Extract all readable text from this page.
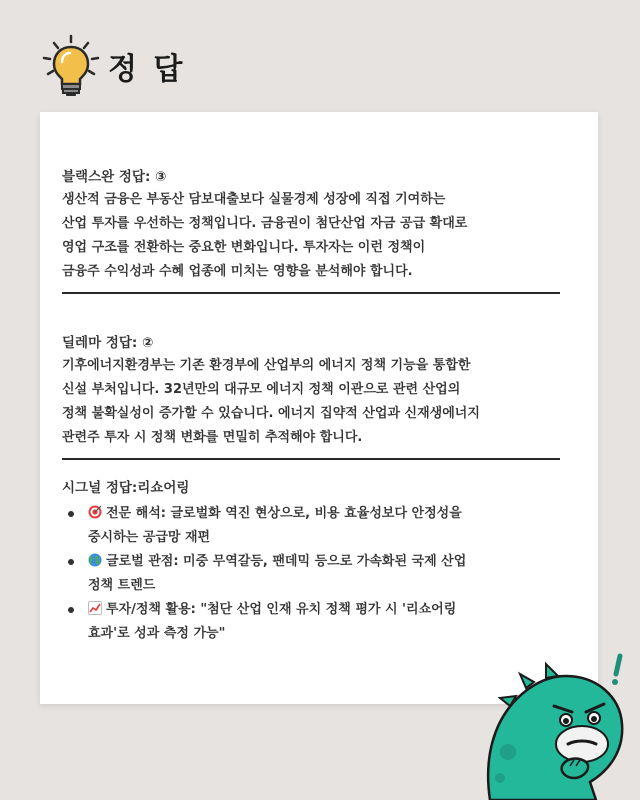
정 답
블랙스완 정답: ③
생산적 금융은 부동산 담보대출보다 실물경제 성장에 직접 기여하는
산업 투자를 우선하는 정책입니다. 금융권이 첨단산업 자금 공급 확대로
영업 구조를 전환하는 중요한 변화입니다. 투자자는 이런 정책이
금융주 수익성과 수혜 업종에 미치는 영향을 분석해야 합니다.
딜레마 정답: ②
기후에너지환경부는 기존 환경부에 산업부의 에너지 정책 기능을 통합한
신설 부처입니다. 32년만의 대규모 에너지 정책 이관으로 관련 산업의
정책 불확실성이 증가할 수 있습니다. 에너지 집약적 산업과 신재생에너지
관련주 투자 시 정책 변화를 면밀히 추적해야 합니다.
시그널 정답:리쇼어링
전문 해석: 글로벌화 역진 현상으로, 비용 효율성보다 안정성을
중시하는 공급망 재편
글로벌 관점: 미중 무역갈등, 팬데믹 등으로 가속화된 국제 산업
정책 트렌드
투자/정책 활용: "첨단 산업 인재 유치 정책 평가 시 '리쇼어링
효과'로 성과 측정 가능"
